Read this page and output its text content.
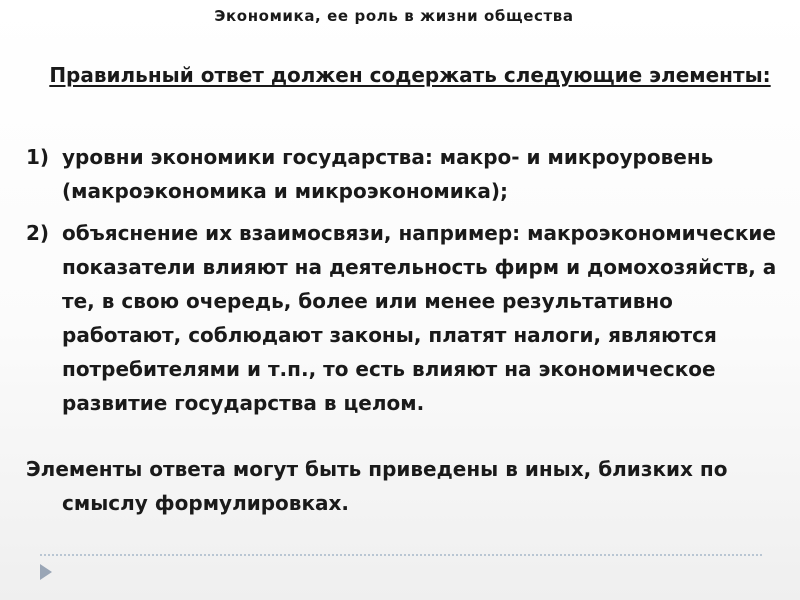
Экономика, ее роль в жизни общества
Правильный ответ должен содержать следующие элементы:
1) уровни экономики государства: макро- и микроуровень (макроэкономика и микроэкономика);
2) объяснение их взаимосвязи, например: макроэкономические показатели влияют на деятельность фирм и домохозяйств, а те, в свою очередь, более или менее результативно работают, соблюдают законы, платят налоги, являются потребителями и т.п., то есть влияют на экономическое развитие государства в целом.
Элементы ответа могут быть приведены в иных, близких по смыслу формулировках.
